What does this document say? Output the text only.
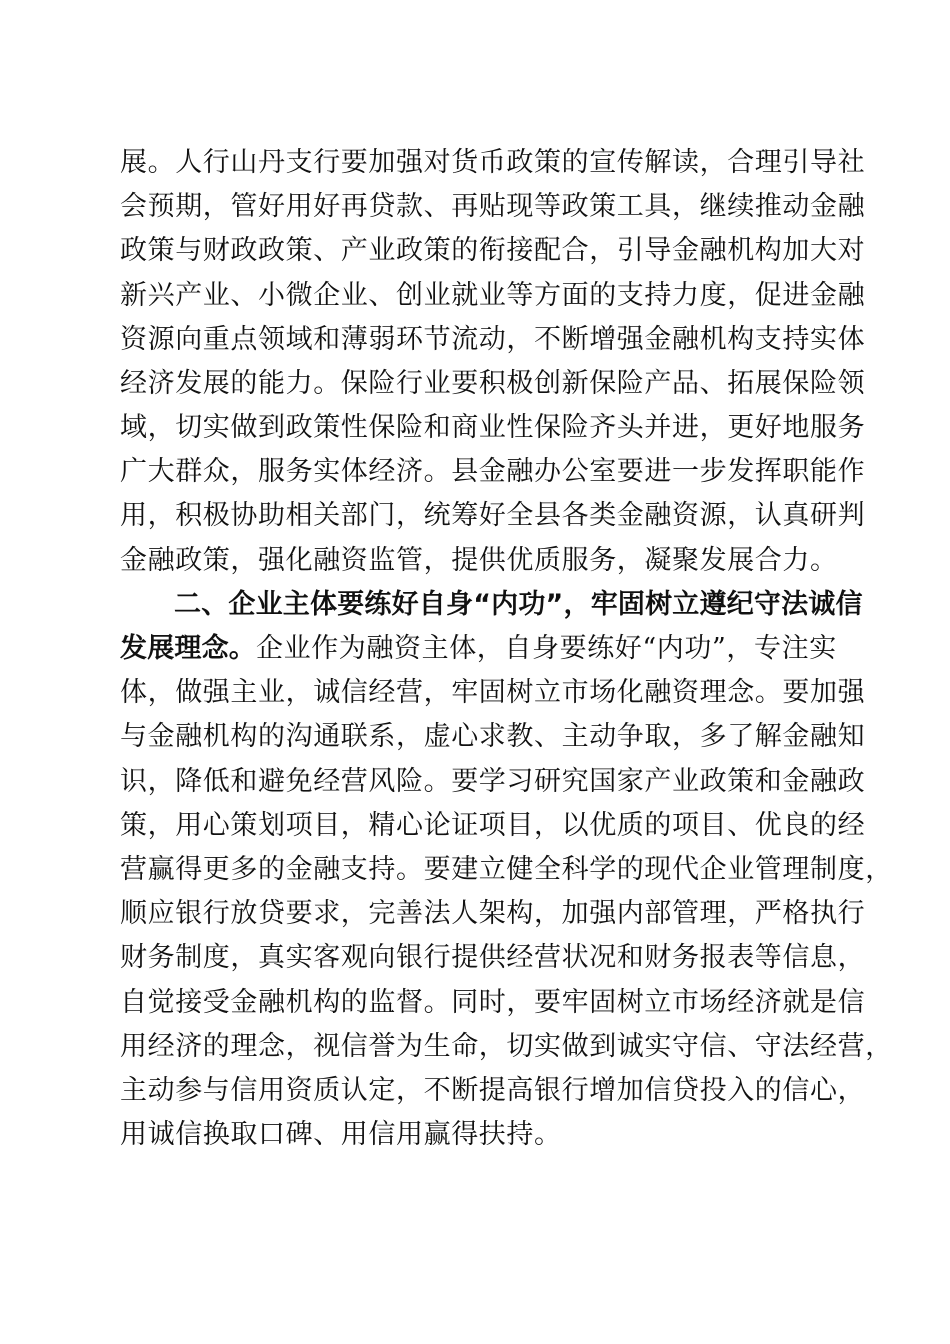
展。人行山丹支行要加强对货币政策的宣传解读，合理引导社
会预期，管好用好再贷款、再贴现等政策工具，继续推动金融
政策与财政政策、产业政策的衔接配合，引导金融机构加大对
新兴产业、小微企业、创业就业等方面的支持力度，促进金融
资源向重点领域和薄弱环节流动，不断增强金融机构支持实体
经济发展的能力。保险行业要积极创新保险产品、拓展保险领
域，切实做到政策性保险和商业性保险齐头并进，更好地服务
广大群众，服务实体经济。县金融办公室要进一步发挥职能作
用，积极协助相关部门，统筹好全县各类金融资源，认真研判
金融政策，强化融资监管，提供优质服务，凝聚发展合力。
二、企业主体要练好自身“内功”，牢固树立遵纪守法诚信
发展理念。企业作为融资主体，自身要练好“内功”，专注实
体，做强主业，诚信经营，牢固树立市场化融资理念。要加强
与金融机构的沟通联系，虚心求教、主动争取，多了解金融知
识，降低和避免经营风险。要学习研究国家产业政策和金融政
策，用心策划项目，精心论证项目，以优质的项目、优良的经
营赢得更多的金融支持。要建立健全科学的现代企业管理制度，
顺应银行放贷要求，完善法人架构，加强内部管理，严格执行
财务制度，真实客观向银行提供经营状况和财务报表等信息，
自觉接受金融机构的监督。同时，要牢固树立市场经济就是信
用经济的理念，视信誉为生命，切实做到诚实守信、守法经营，
主动参与信用资质认定，不断提高银行增加信贷投入的信心，
用诚信换取口碑、用信用赢得扶持。
